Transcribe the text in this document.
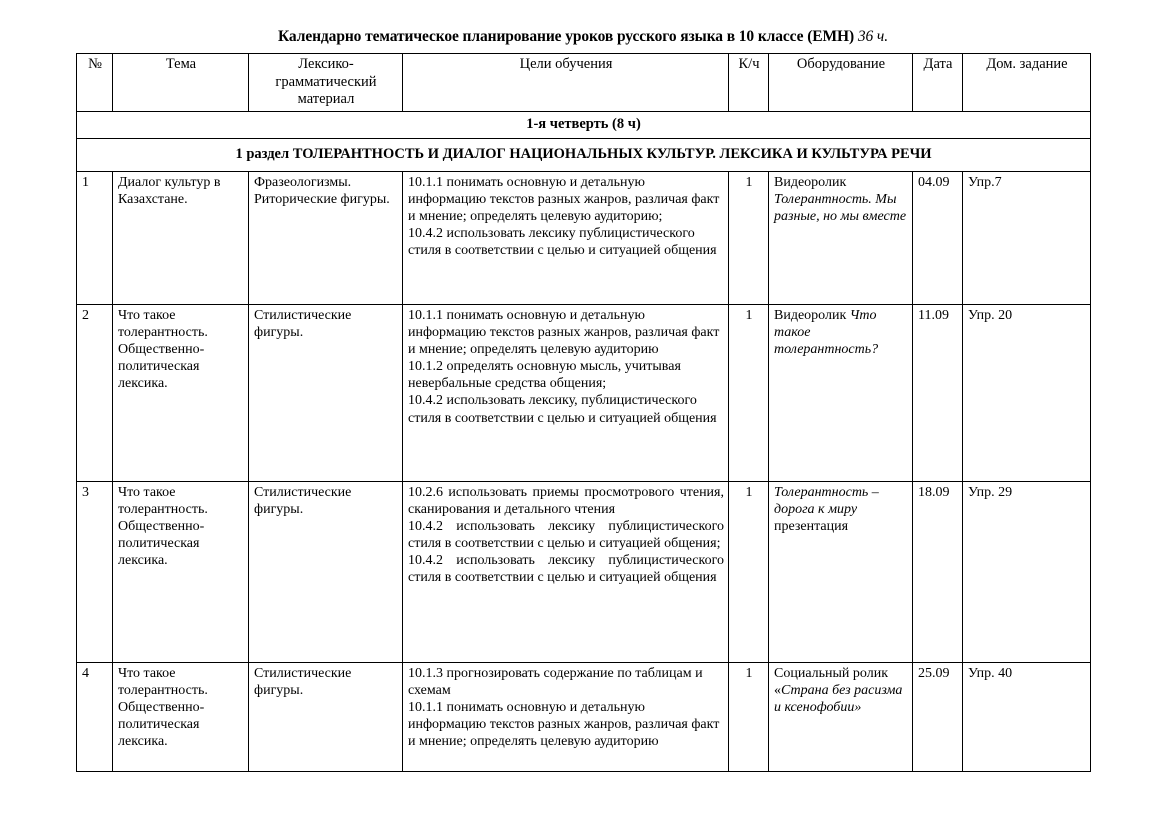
Календарно тематическое планирование уроков русского языка в 10 классе (ЕМН) 36 ч.
№	Тема	Лексико-грамматический материал	Цели обучения	К/ч	Оборудование	Дата	Дом. задание
1-я четверть (8 ч)							
1 раздел ТОЛЕРАНТНОСТЬ И ДИАЛОГ НАЦИОНАЛЬНЫХ КУЛЬТУР. ЛЕКСИКА И КУЛЬТУРА РЕЧИ							
1	Диалог культур в Казахстане.	Фразеологизмы. Риторические фигуры.	10.1.1 понимать основную и детальную информацию текстов разных жанров, различая факт и мнение; определять целевую аудиторию;

10.4.2 использовать лексику публицистического стиля в соответствии с целью и ситуацией общения	1	Видеоролик Толерантность. Мы разные, но мы вместе	04.09	Упр.7
2	Что такое толерантность. Общественно-политическая лексика.	Стилистические фигуры.	10.1.1 понимать основную и детальную информацию текстов разных жанров, различая факт и мнение; определять целевую аудиторию

10.1.2 определять основную мысль, учитывая невербальные средства общения;

10.4.2 использовать лексику, публицистического стиля в соответствии с целью и ситуацией общения	1	Видеоролик Что такое толерантность?	11.09	Упр. 20
3	Что такое толерантность. Общественно-политическая лексика.	Стилистические фигуры.	10.2.6 использовать приемы просмотрового чтения, сканирования и детального чтения

10.4.2 использовать лексику публицистического стиля в соответствии с целью и ситуацией общения;

10.4.2 использовать лексику публицистического стиля в соответствии с целью и ситуацией общения	1	Толерантность – дорога к миру презентация	18.09	Упр. 29
4	Что такое толерантность. Общественно-политическая лексика.	Стилистические фигуры.	10.1.3 прогнозировать содержание по таблицам и схемам

10.1.1 понимать основную и детальную информацию текстов разных жанров, различая факт и мнение; определять целевую аудиторию	1	Социальный ролик «Страна без расизма и ксенофобии»	25.09	Упр. 40
